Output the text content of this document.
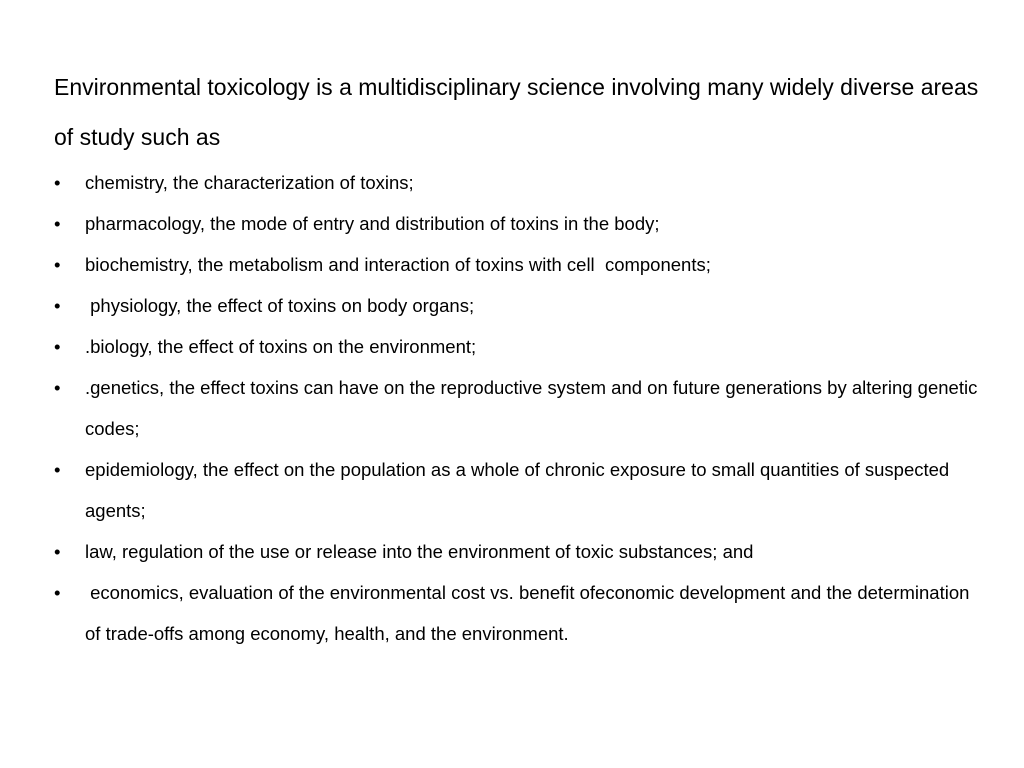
Environmental toxicology is a multidisciplinary science involving many widely diverse areas of study such as

•	chemistry, the characterization of toxins;
•	pharmacology, the mode of entry and distribution of toxins in the body;
•	biochemistry, the metabolism and interaction of toxins with cell  components;
•	physiology, the effect of toxins on body organs;
•	.biology, the effect of toxins on the environment;
•	.genetics, the effect toxins can have on the reproductive system and on future generations by altering genetic codes;
•	epidemiology, the effect on the population as a whole of chronic exposure to small quantities of suspected agents;
•	law, regulation of the use or release into the environment of toxic substances; and
•	economics, evaluation of the environmental cost vs. benefit ofeconomic development and the determination of trade-offs among economy, health, and the environment.
